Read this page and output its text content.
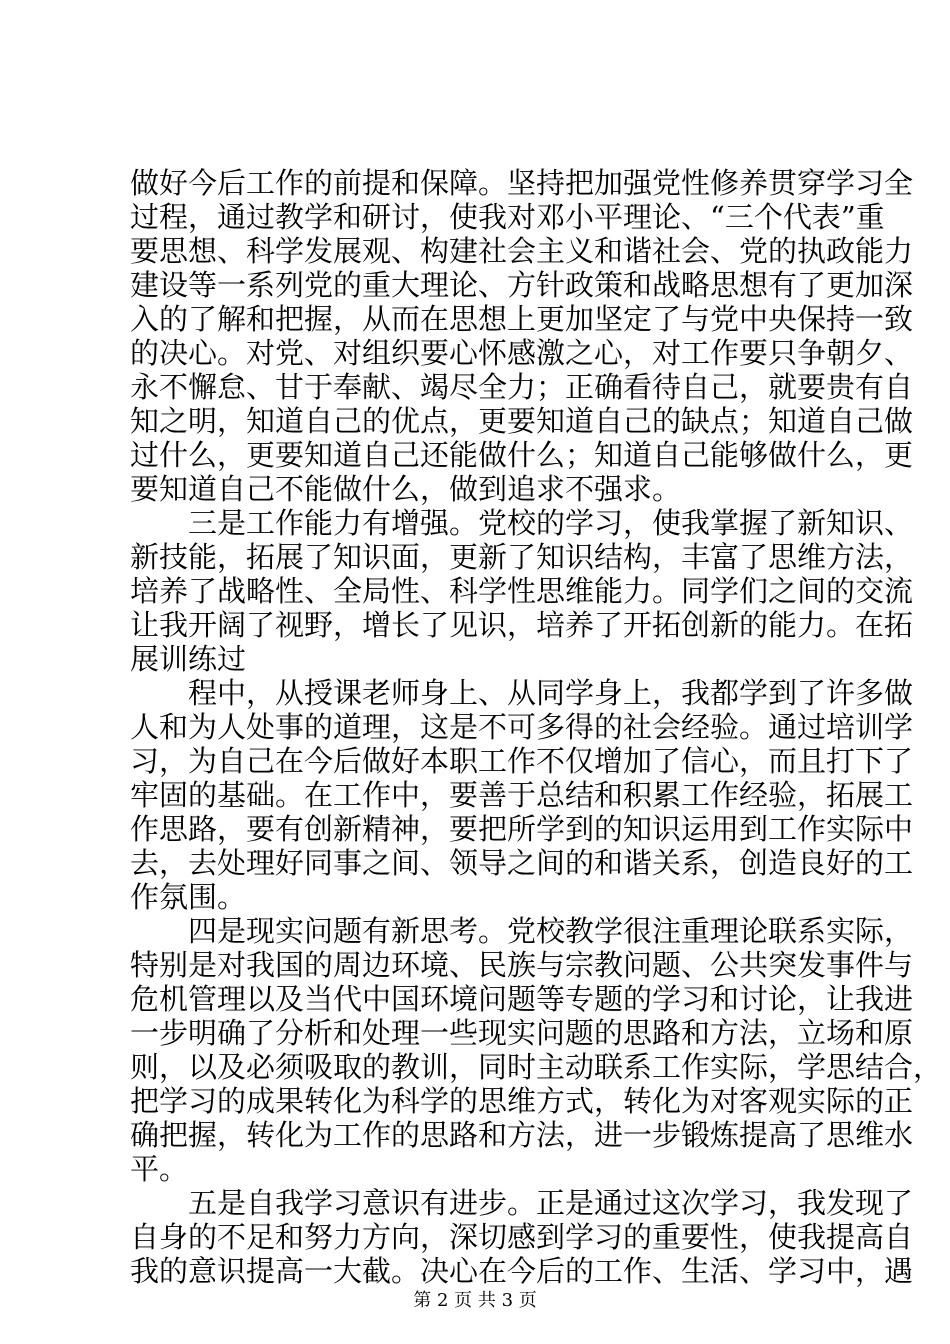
做好今后工作的前提和保障。坚持把加强党性修养贯穿学习全
过程，通过教学和研讨，使我对邓小平理论、“三个代表”重
要思想、科学发展观、构建社会主义和谐社会、党的执政能力
建设等一系列党的重大理论、方针政策和战略思想有了更加深
入的了解和把握，从而在思想上更加坚定了与党中央保持一致
的决心。对党、对组织要心怀感激之心，对工作要只争朝夕、
永不懈怠、甘于奉献、竭尽全力；正确看待自己，就要贵有自
知之明，知道自己的优点，更要知道自己的缺点；知道自己做
过什么，更要知道自己还能做什么；知道自己能够做什么，更
要知道自己不能做什么，做到追求不强求。
　　三是工作能力有增强。党校的学习，使我掌握了新知识、
新技能，拓展了知识面，更新了知识结构，丰富了思维方法，
培养了战略性、全局性、科学性思维能力。同学们之间的交流
让我开阔了视野，增长了见识，培养了开拓创新的能力。在拓
展训练过
　　程中，从授课老师身上、从同学身上，我都学到了许多做
人和为人处事的道理，这是不可多得的社会经验。通过培训学
习，为自己在今后做好本职工作不仅增加了信心，而且打下了
牢固的基础。在工作中，要善于总结和积累工作经验，拓展工
作思路，要有创新精神，要把所学到的知识运用到工作实际中
去，去处理好同事之间、领导之间的和谐关系，创造良好的工
作氛围。
　　四是现实问题有新思考。党校教学很注重理论联系实际，
特别是对我国的周边环境、民族与宗教问题、公共突发事件与
危机管理以及当代中国环境问题等专题的学习和讨论，让我进
一步明确了分析和处理一些现实问题的思路和方法，立场和原
则，以及必须吸取的教训，同时主动联系工作实际，学思结合，
把学习的成果转化为科学的思维方式，转化为对客观实际的正
确把握，转化为工作的思路和方法，进一步锻炼提高了思维水
平。
　　五是自我学习意识有进步。正是通过这次学习，我发现了
自身的不足和努力方向，深切感到学习的重要性，使我提高自
我的意识提高一大截。决心在今后的工作、生活、学习中，遇
第 2 页 共 3 页
